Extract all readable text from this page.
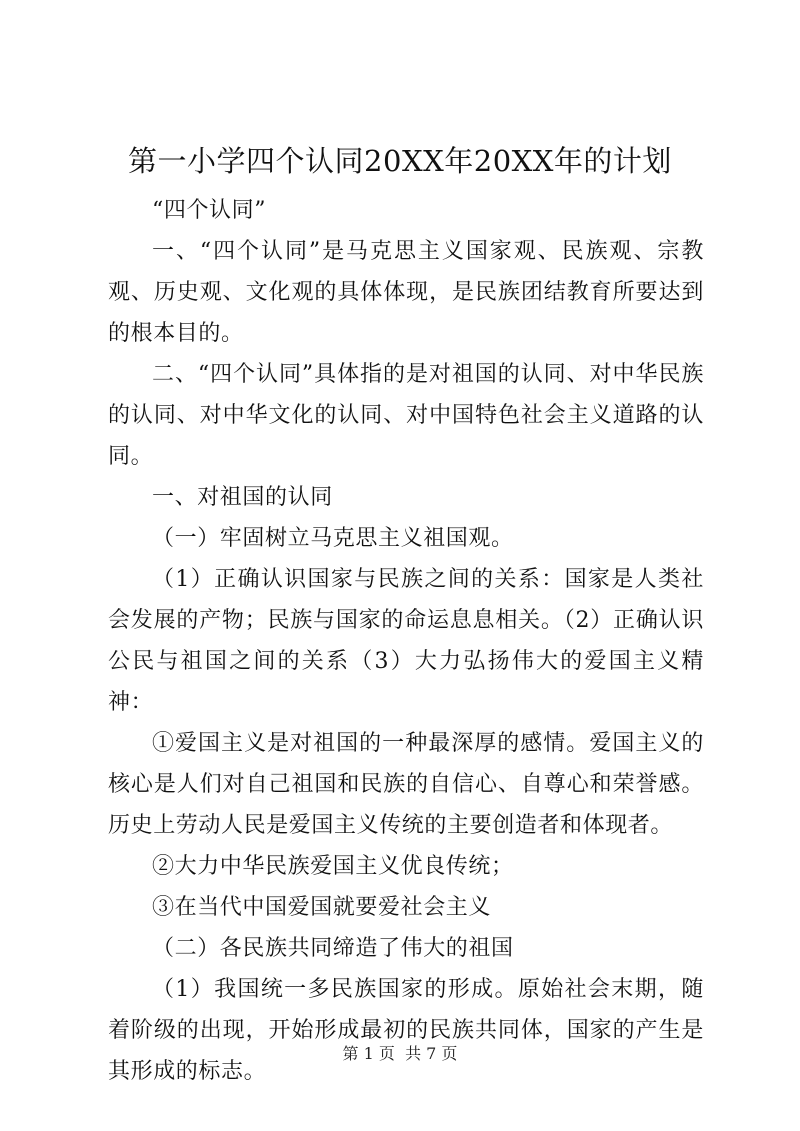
第一小学四个认同20XX年20XX年的计划

“四个认同”

一、“四个认同”是马克思主义国家观、民族观、宗教观、历史观、文化观的具体体现，是民族团结教育所要达到的根本目的。

二、“四个认同”具体指的是对祖国的认同、对中华民族的认同、对中华文化的认同、对中国特色社会主义道路的认同。

一、对祖国的认同

（一）牢固树立马克思主义祖国观。

（1）正确认识国家与民族之间的关系：国家是人类社会发展的产物；民族与国家的命运息息相关。（2）正确认识公民与祖国之间的关系（3）大力弘扬伟大的爱国主义精神：

①爱国主义是对祖国的一种最深厚的感情。爱国主义的核心是人们对自己祖国和民族的自信心、自尊心和荣誉感。历史上劳动人民是爱国主义传统的主要创造者和体现者。

②大力中华民族爱国主义优良传统；

③在当代中国爱国就要爱社会主义

（二）各民族共同缔造了伟大的祖国

（1）我国统一多民族国家的形成。原始社会末期，随着阶级的出现，开始形成最初的民族共同体，国家的产生是其形成的标志。

第 1 页  共 7 页
